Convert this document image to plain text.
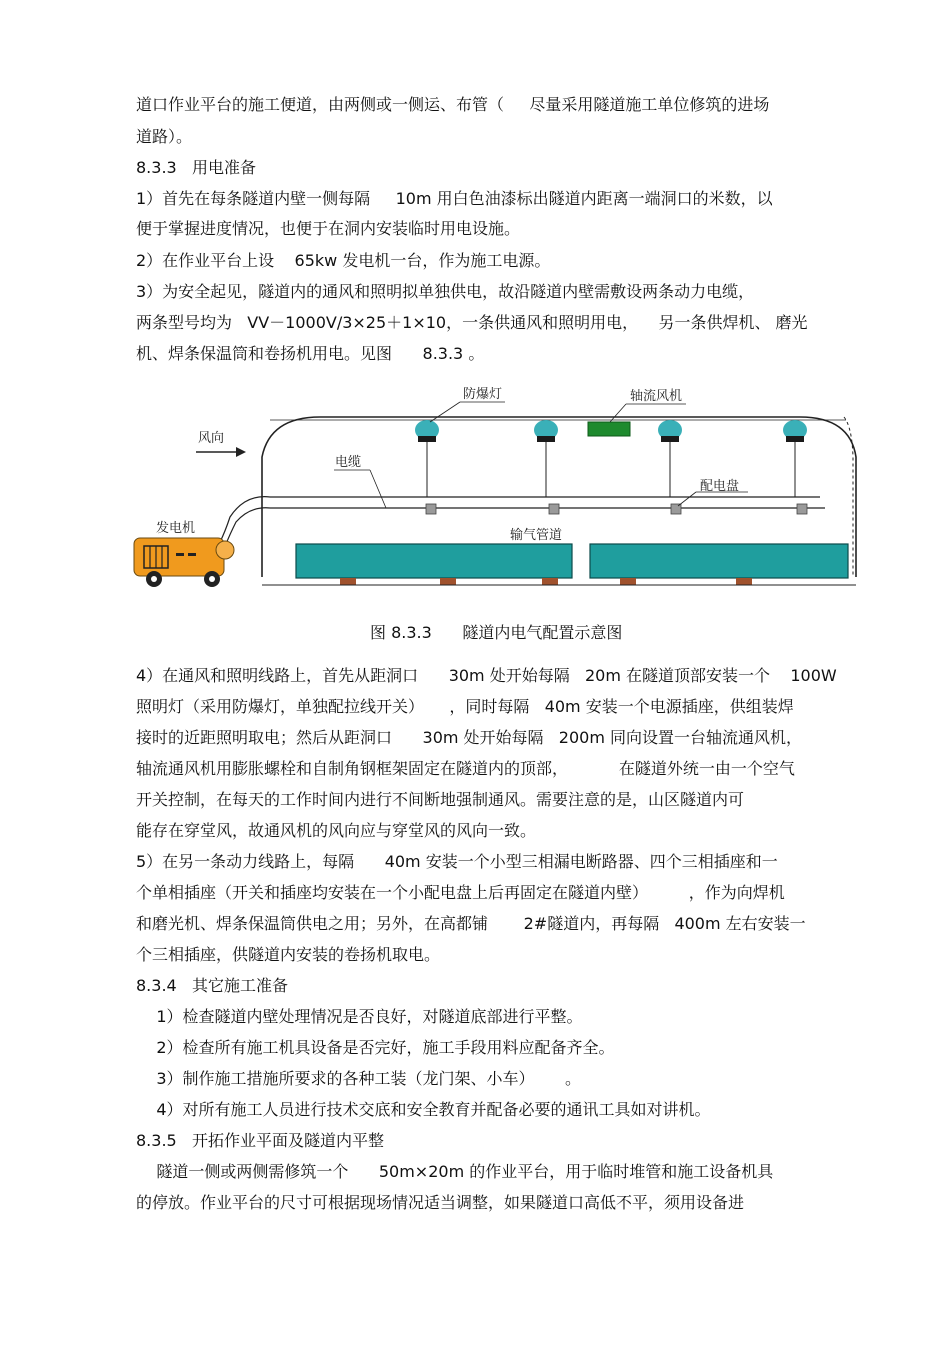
道口作业平台的施工便道，由两侧或一侧运、布管（     尽量采用隧道施工单位修筑的进场
道路）。
8.3.3   用电准备
1）首先在每条隧道内壁一侧每隔     10m 用白色油漆标出隧道内距离一端洞口的米数，以
便于掌握进度情况，也便于在洞内安装临时用电设施。
2）在作业平台上设    65kw 发电机一台，作为施工电源。
3）为安全起见，隧道内的通风和照明拟单独供电，故沿隧道内壁需敷设两条动力电缆，
两条型号均为   VV－1000V/3×25＋1×10，一条供通风和照明用电，    另一条供焊机、 磨光
机、焊条保温筒和卷扬机用电。见图      8.3.3 。
防爆灯	轴流风机
风向
电缆
配电盘
发电机	输气管道
图 8.3.3      隧道内电气配置示意图
4）在通风和照明线路上，首先从距洞口      30m 处开始每隔   20m 在隧道顶部安装一个    100W
照明灯（采用防爆灯，单独配拉线开关）     ，同时每隔   40m 安装一个电源插座，供组装焊
接时的近距照明取电；然后从距洞口      30m 处开始每隔   200m 同向设置一台轴流通风机，
轴流通风机用膨胀螺栓和自制角钢框架固定在隧道内的顶部，          在隧道外统一由一个空气
开关控制，在每天的工作时间内进行不间断地强制通风。需要注意的是，山区隧道内可
能存在穿堂风，故通风机的风向应与穿堂风的风向一致。
5）在另一条动力线路上，每隔      40m 安装一个小型三相漏电断路器、四个三相插座和一
个单相插座（开关和插座均安装在一个小配电盘上后再固定在隧道内壁）        ，作为向焊机
和磨光机、焊条保温筒供电之用；另外，在高都铺       2#隧道内，再每隔   400m 左右安装一
个三相插座，供隧道内安装的卷扬机取电。
8.3.4   其它施工准备
1）检查隧道内壁处理情况是否良好，对隧道底部进行平整。
2）检查所有施工机具设备是否完好，施工手段用料应配备齐全。
3）制作施工措施所要求的各种工装（龙门架、小车）      。
4）对所有施工人员进行技术交底和安全教育并配备必要的通讯工具如对讲机。
8.3.5   开拓作业平面及隧道内平整
隧道一侧或两侧需修筑一个      50m×20m 的作业平台，用于临时堆管和施工设备机具
的停放。作业平台的尺寸可根据现场情况适当调整，如果隧道口高低不平，须用设备进
